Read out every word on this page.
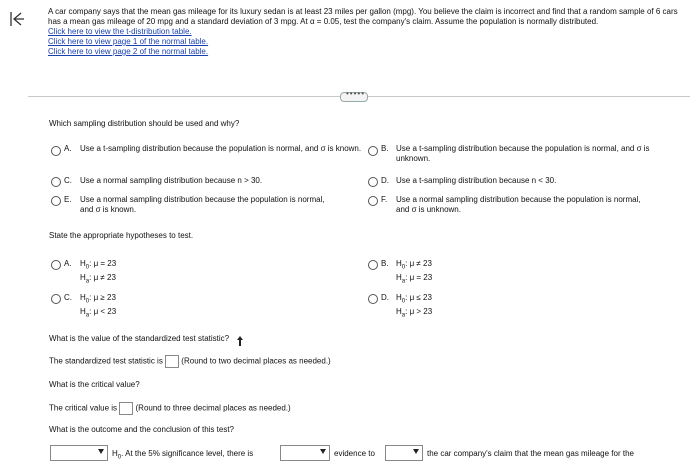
A car company says that the mean gas mileage for its luxury sedan is at least 23 miles per gallon (mpg). You believe the claim is incorrect and find that a random sample of 6 cars has a mean gas mileage of 20 mpg and a standard deviation of 3 mpg. At α = 0.05, test the company's claim. Assume the population is normally distributed.
Click here to view the t-distribution table.
Click here to view page 1 of the normal table.
Click here to view page 2 of the normal table.
•••••
Which sampling distribution should be used and why?
A.	Use a t-sampling distribution because the population is normal, and σ is known. B. Use a t-sampling distribution because the population is normal, and σ is unknown.
C.	Use a normal sampling distribution because n > 30.	D. Use a t-sampling distribution because n < 30.
E.	Use a normal sampling distribution because the population is normal, and σ is known.
F.	Use a normal sampling distribution because the population is normal, and σ is unknown.
State the appropriate hypotheses to test.
A.	$H_0$: μ = 23
$H_a$: μ ≠ 23
B. $H_0$: μ ≠ 23
$H_a$: μ = 23
C.	$H_0$: μ ≥ 23
$H_a$: μ < 23
D. $H_0$: μ ≤ 23
$H_a$: μ > 23
What is the value of the standardized test statistic?
The standardized test statistic is (Round to two decimal places as needed.)
What is the critical value?
The critical value is (Round to three decimal places as needed.)
What is the outcome and the conclusion of this test?
$H_0$. At the 5% significance level, there is	evidence to	the car company's claim that the mean gas mileage for the
